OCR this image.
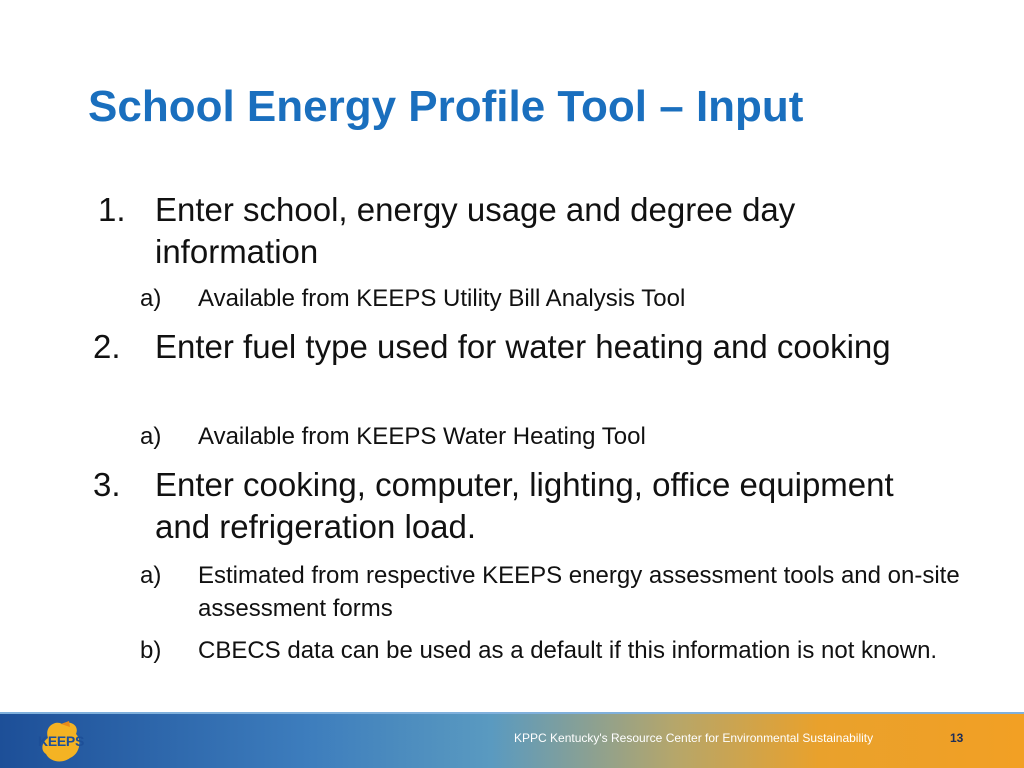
School Energy Profile Tool – Input
1. Enter school, energy usage and degree day information
a) Available from KEEPS Utility Bill Analysis Tool
2. Enter fuel type used for water heating and cooking
a) Available from KEEPS Water Heating Tool
3. Enter cooking, computer, lighting, office equipment and refrigeration load.
a) Estimated from respective KEEPS energy assessment tools and on-site assessment forms
b) CBECS data can be used as a default if this information is not known.
KEEPS	KPPC Kentucky's Resource Center for Environmental Sustainability	13
